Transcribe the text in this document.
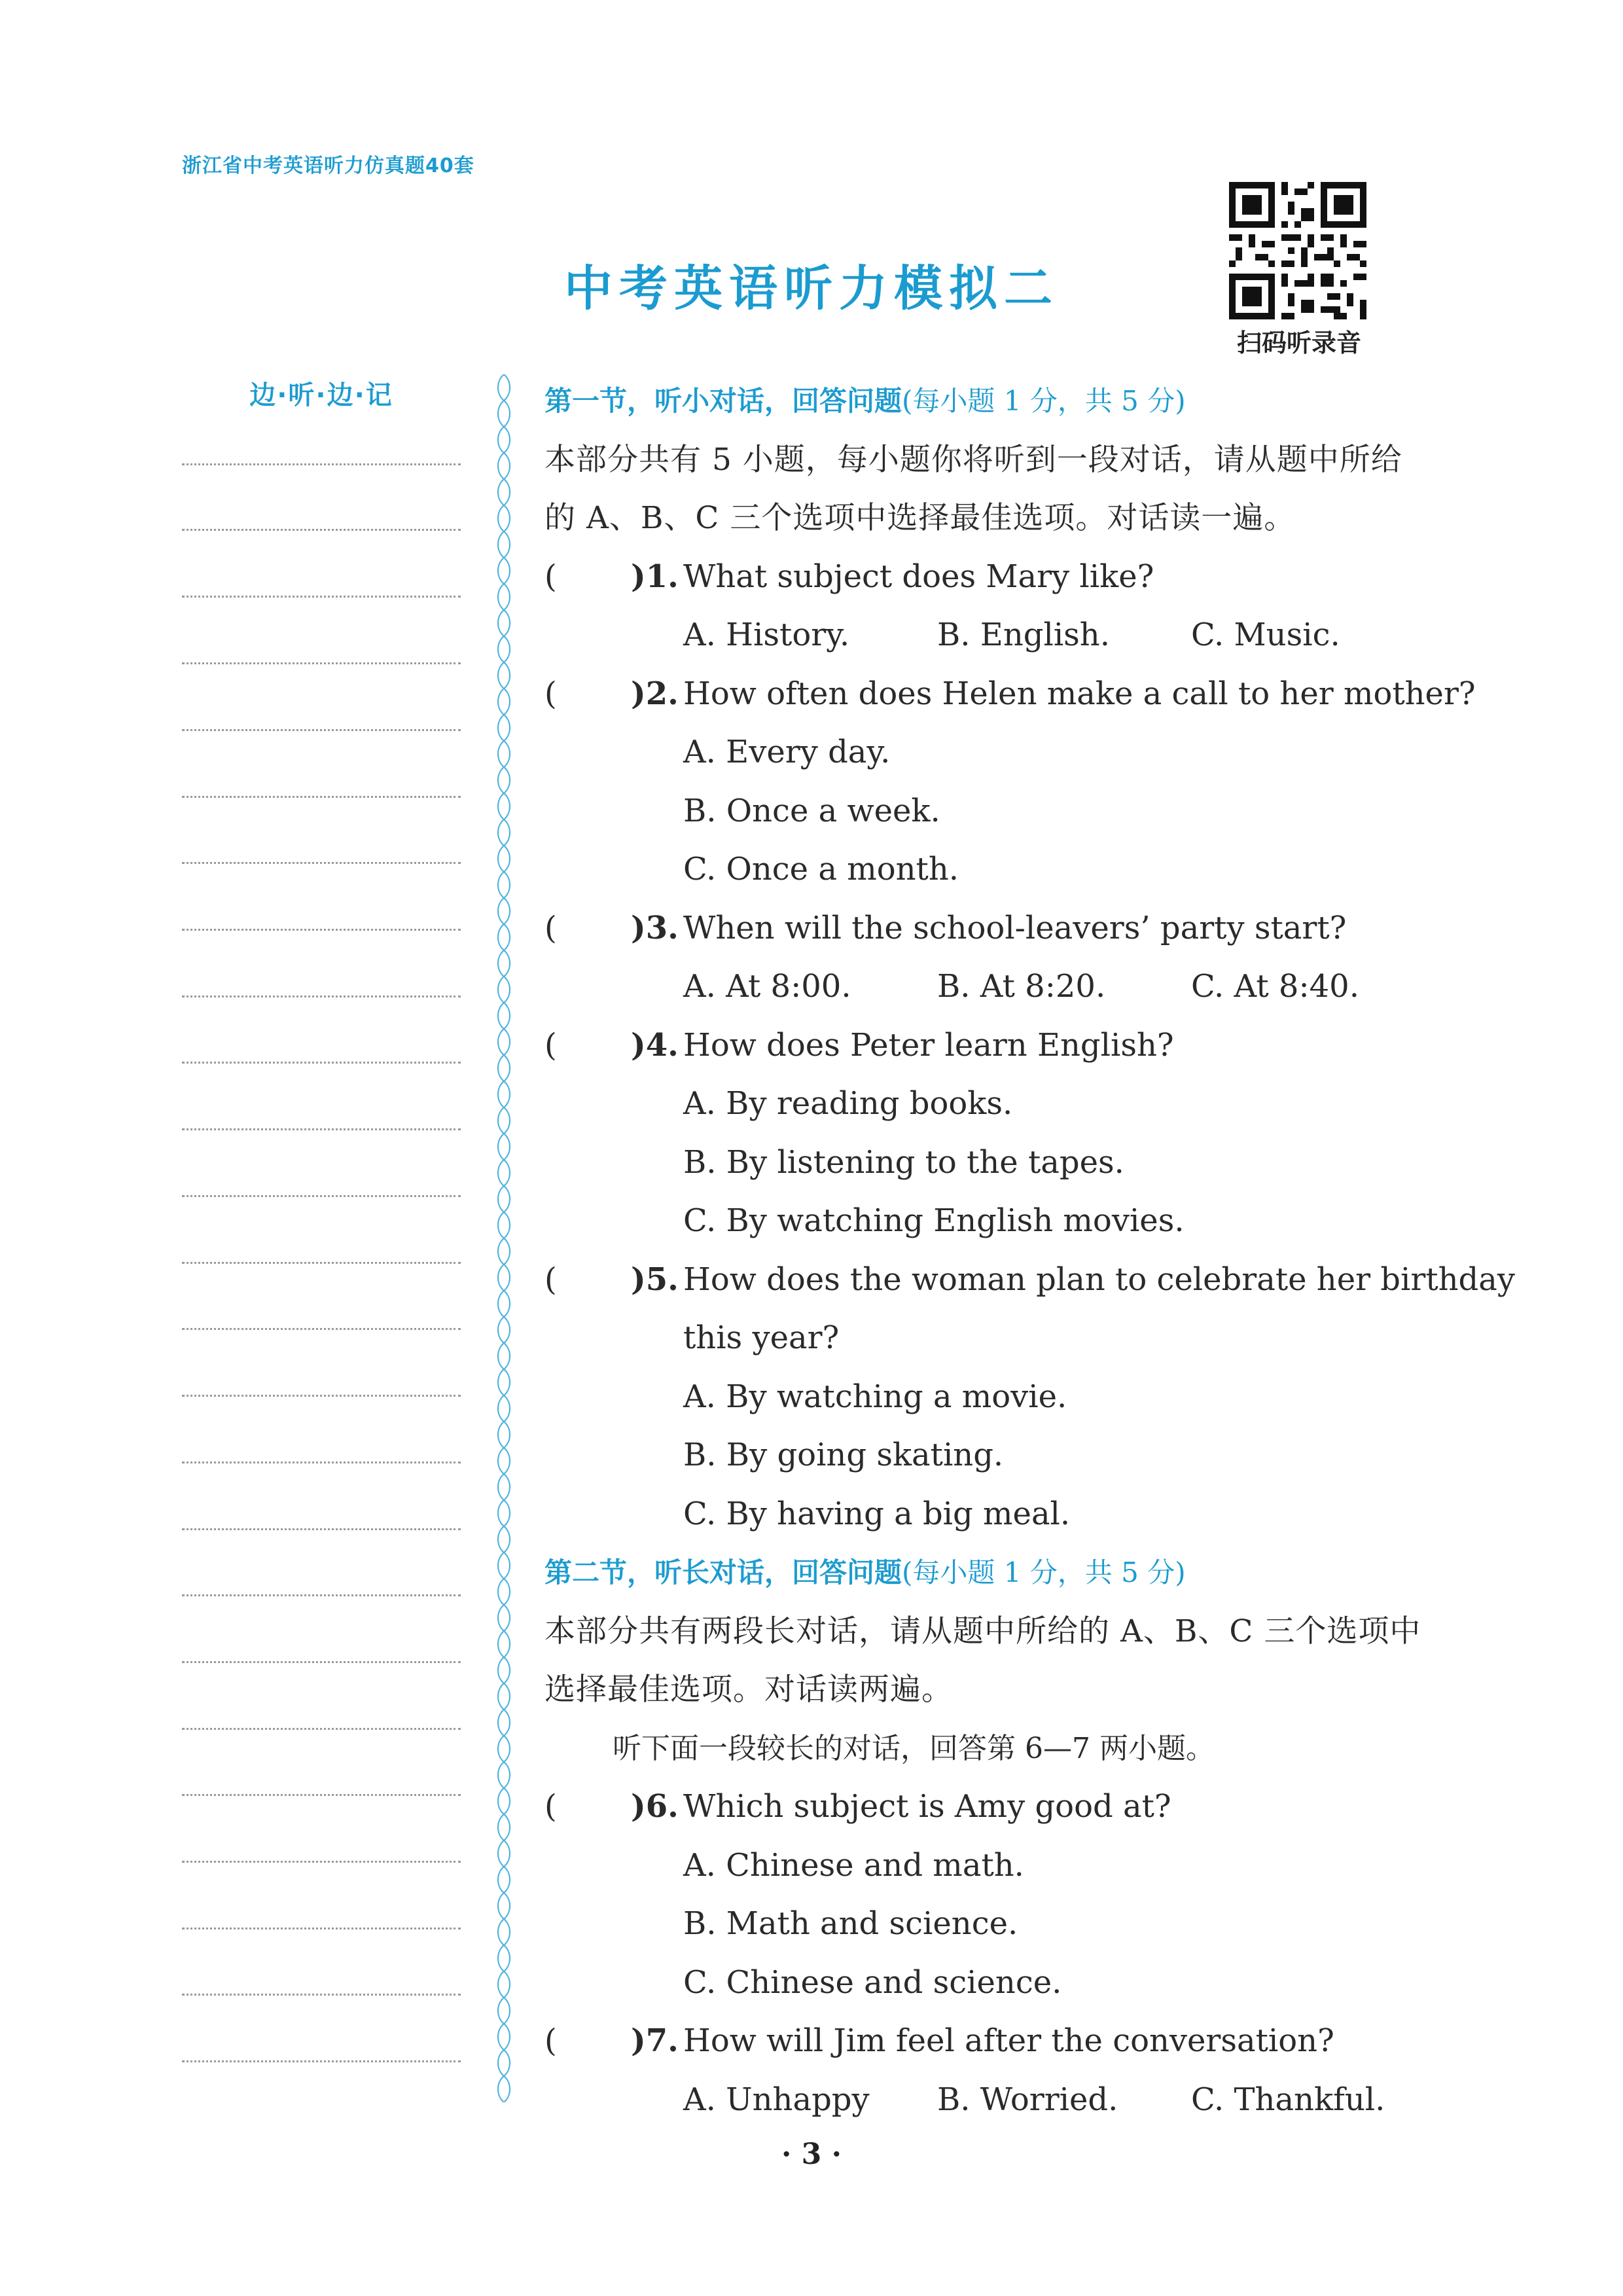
浙江省中考英语听力仿真题40套
中考英语听力模拟二
扫码听录音
边·听·边·记	第一节，听小对话，回答问题(每小题 1 分，共 5 分)
本部分共有 5 小题，每小题你将听到一段对话，请从题中所给
的 A、B、C 三个选项中选择最佳选项。对话读一遍。
( )1. What subject does Mary like?
A. History.	B. English.	C. Music.
( )2. How often does Helen make a call to her mother?
A. Every day.
B. Once a week.
C. Once a month.
( )3. When will the school-leavers’ party start?
A. At 8:00.	B. At 8:20.	C. At 8:40.
( )4. How does Peter learn English?
A. By reading books.
B. By listening to the tapes.
C. By watching English movies.
( )5. How does the woman plan to celebrate her birthday
this year?
A. By watching a movie.
B. By going skating.
C. By having a big meal.
第二节，听长对话，回答问题(每小题 1 分，共 5 分)
本部分共有两段长对话，请从题中所给的 A、B、C 三个选项中
选择最佳选项。对话读两遍。
听下面一段较长的对话，回答第 6—7 两小题。
( )6. Which subject is Amy good at?
A. Chinese and math.
B. Math and science.
C. Chinese and science.
( )7. How will Jim feel after the conversation?
A. Unhappy B. Worried. C. Thankful.
· 3 ·
